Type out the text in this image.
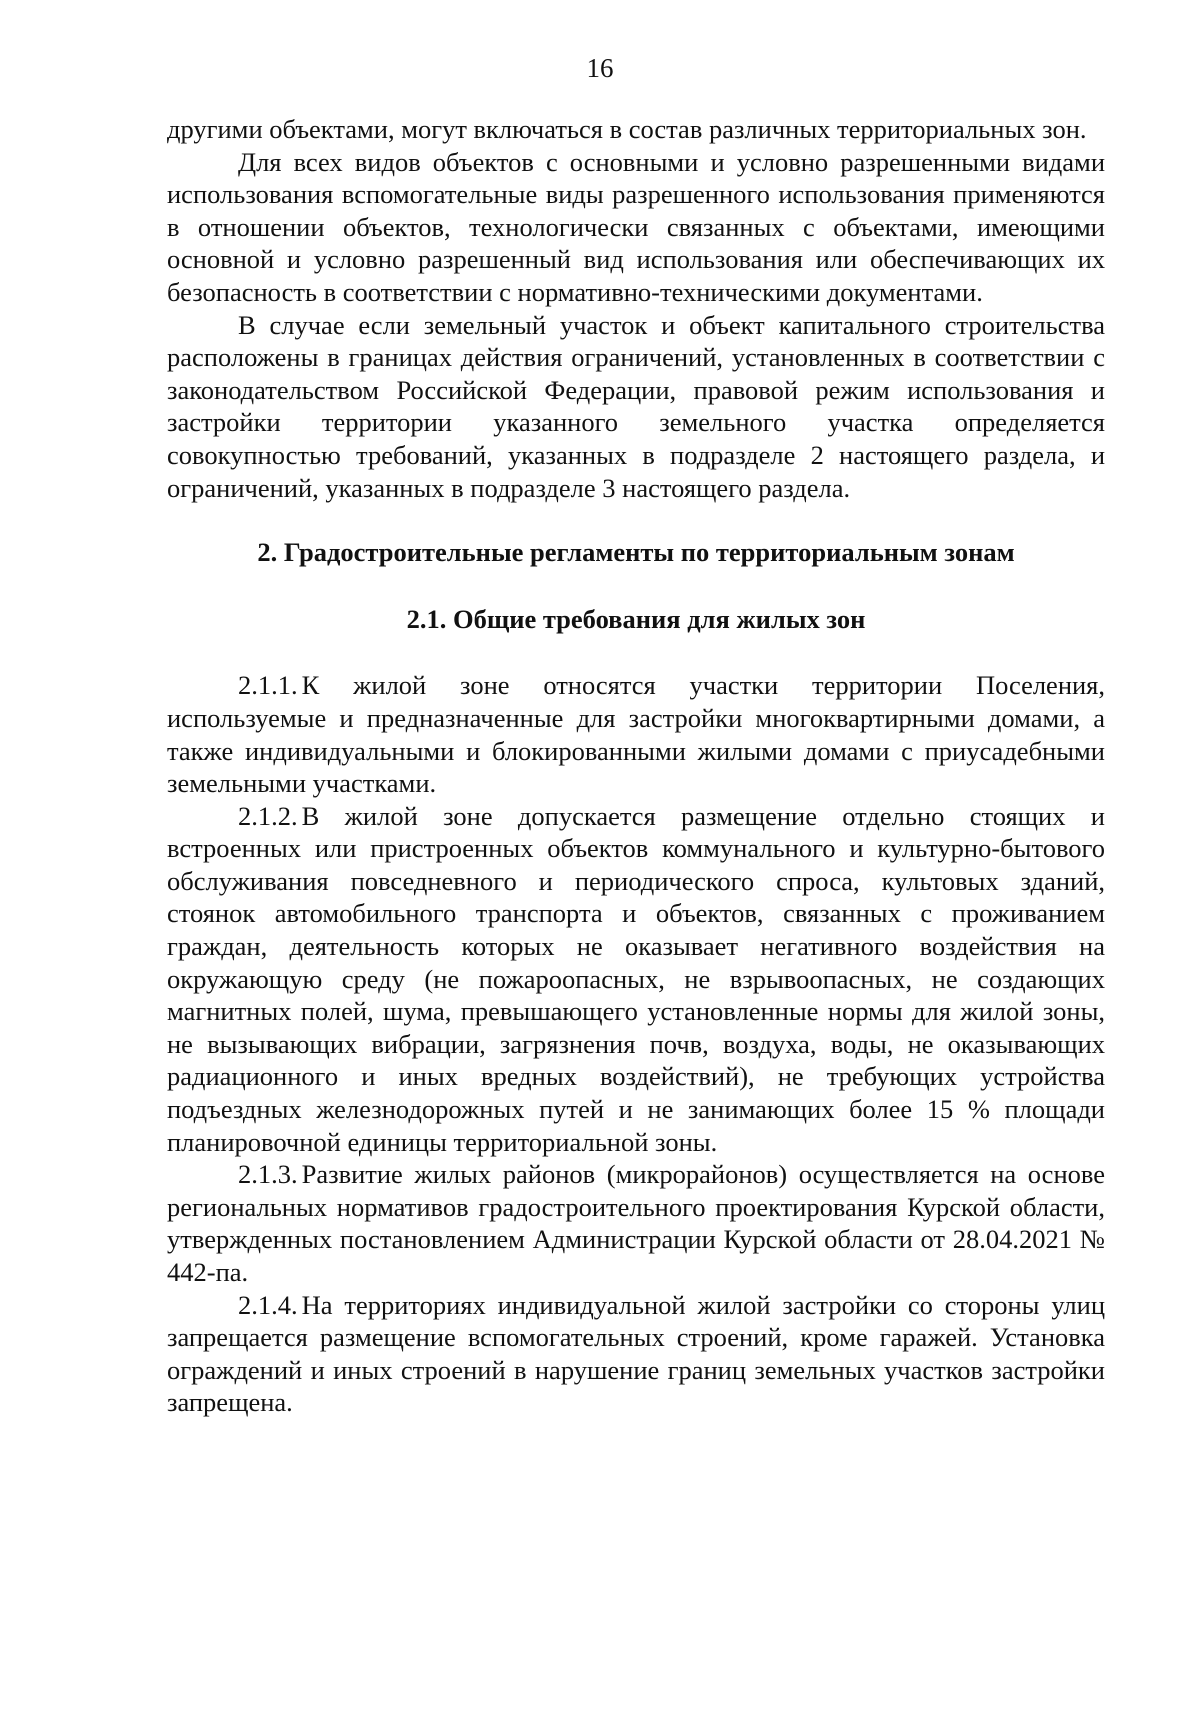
16

другими объектами, могут включаться в состав различных территориальных зон.

Для всех видов объектов с основными и условно разрешенными видами использования вспомогательные виды разрешенного использования применяются в отношении объектов, технологически связанных с объектами, имеющими основной и условно разрешенный вид использования или обеспечивающих их безопасность в соответствии с нормативно-техническими документами.

В случае если земельный участок и объект капитального строительства расположены в границах действия ограничений, установленных в соответствии с законодательством Российской Федерации, правовой режим использования и застройки территории указанного земельного участка определяется совокупностью требований, указанных в подразделе 2 настоящего раздела, и ограничений, указанных в подразделе 3 настоящего раздела.

2. Градостроительные регламенты по территориальным зонам
2.1. Общие требования для жилых зон

2.1.1. К жилой зоне относятся участки территории Поселения, используемые и предназначенные для застройки многоквартирными домами, а также индивидуальными и блокированными жилыми домами с приусадебными земельными участками.

2.1.2. В жилой зоне допускается размещение отдельно стоящих и встроенных или пристроенных объектов коммунального и культурно-бытового обслуживания повседневного и периодического спроса, культовых зданий, стоянок автомобильного транспорта и объектов, связанных с проживанием граждан, деятельность которых не оказывает негативного воздействия на окружающую среду (не пожароопасных, не взрывоопасных, не создающих магнитных полей, шума, превышающего установленные нормы для жилой зоны, не вызывающих вибрации, загрязнения почв, воздуха, воды, не оказывающих радиационного и иных вредных воздействий), не требующих устройства подъездных железнодорожных путей и не занимающих более 15 % площади планировочной единицы территориальной зоны.

2.1.3. Развитие жилых районов (микрорайонов) осуществляется на основе региональных нормативов градостроительного проектирования Курской области, утвержденных постановлением Администрации Курской области от 28.04.2021 № 442-па.

2.1.4. На территориях индивидуальной жилой застройки со стороны улиц запрещается размещение вспомогательных строений, кроме гаражей. Установка ограждений и иных строений в нарушение границ земельных участков застройки запрещена.
